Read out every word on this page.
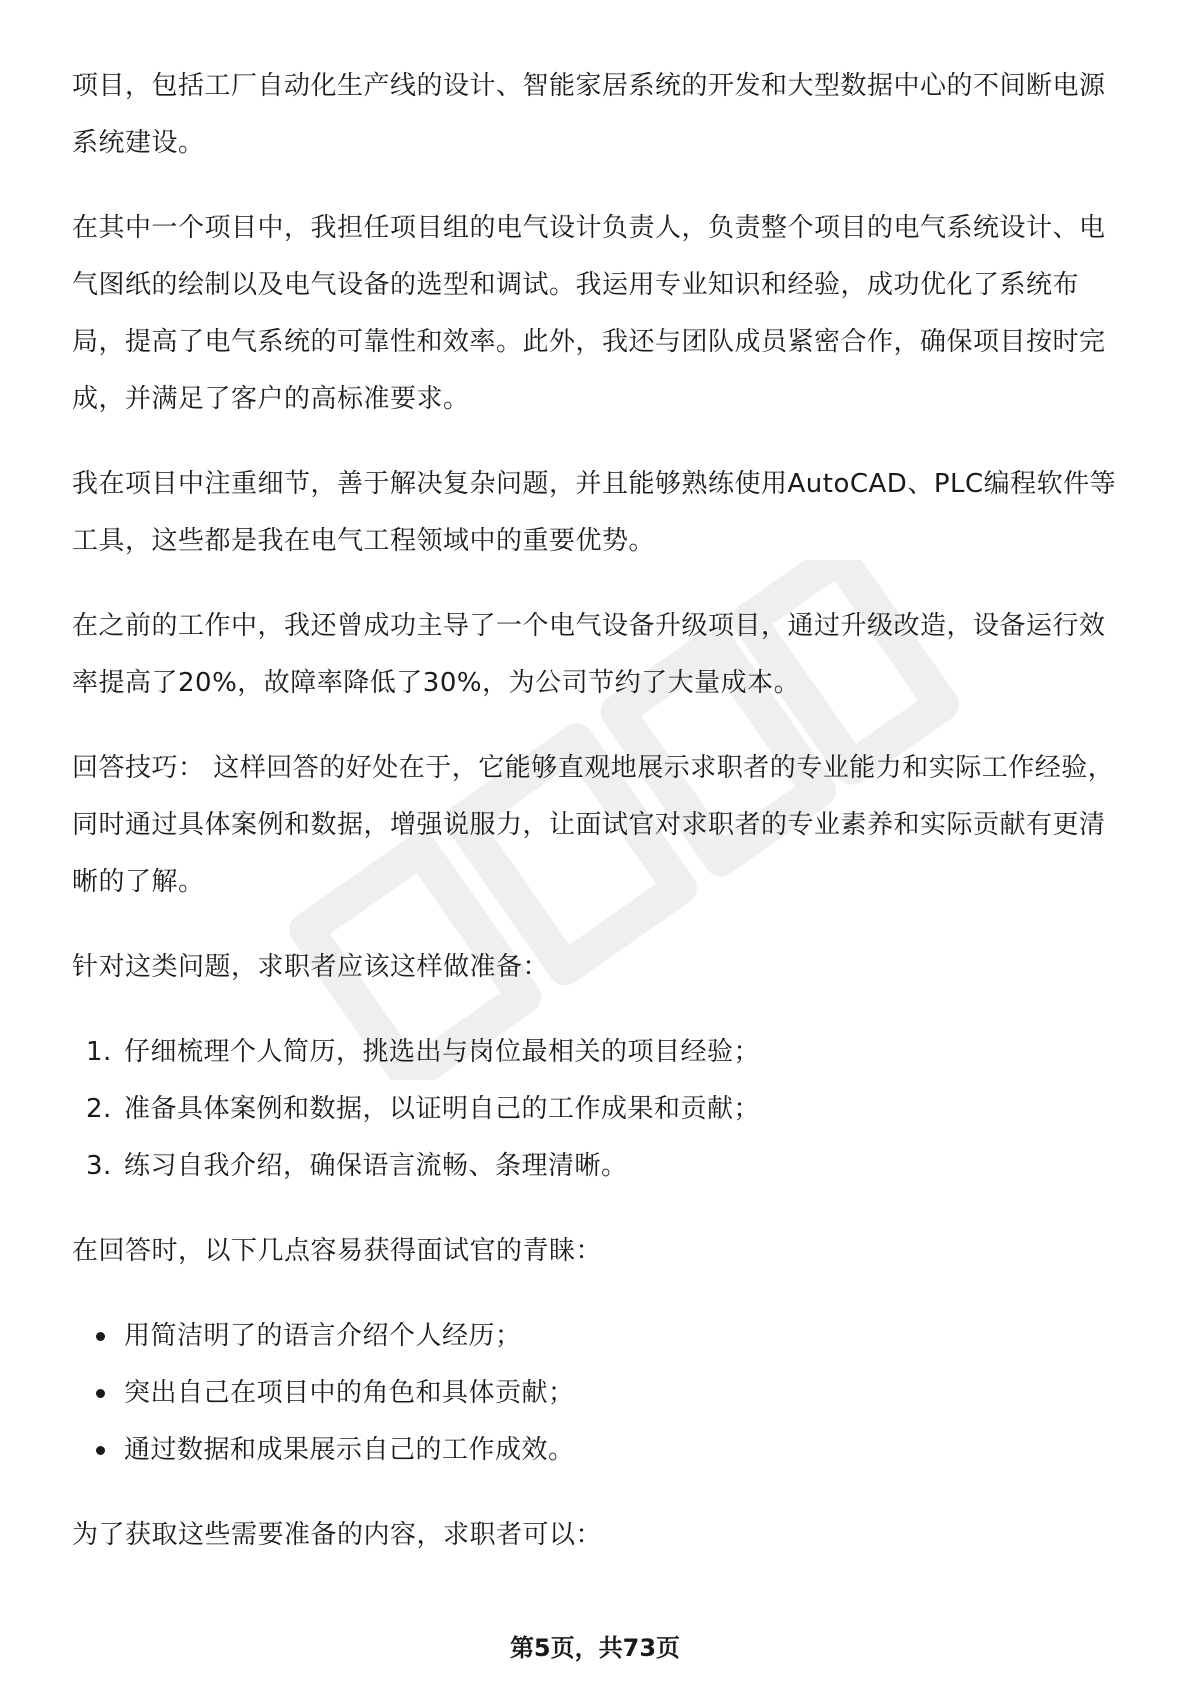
项目，包括工厂自动化生产线的设计、智能家居系统的开发和大型数据中心的不间断电源系统建设。

在其中一个项目中，我担任项目组的电气设计负责人，负责整个项目的电气系统设计、电气图纸的绘制以及电气设备的选型和调试。我运用专业知识和经验，成功优化了系统布局，提高了电气系统的可靠性和效率。此外，我还与团队成员紧密合作，确保项目按时完成，并满足了客户的高标准要求。

我在项目中注重细节，善于解决复杂问题，并且能够熟练使用AutoCAD、PLC编程软件等工具，这些都是我在电气工程领域中的重要优势。

在之前的工作中，我还曾成功主导了一个电气设备升级项目，通过升级改造，设备运行效率提高了20%，故障率降低了30%，为公司节约了大量成本。

回答技巧： 这样回答的好处在于，它能够直观地展示求职者的专业能力和实际工作经验，同时通过具体案例和数据，增强说服力，让面试官对求职者的专业素养和实际贡献有更清晰的了解。

针对这类问题，求职者应该这样做准备：

1. 仔细梳理个人简历，挑选出与岗位最相关的项目经验；
2. 准备具体案例和数据，以证明自己的工作成果和贡献；
3. 练习自我介绍，确保语言流畅、条理清晰。

在回答时，以下几点容易获得面试官的青睐：

用简洁明了的语言介绍个人经历；
突出自己在项目中的角色和具体贡献；
通过数据和成果展示自己的工作成效。

为了获取这些需要准备的内容，求职者可以：

第5页，共73页
